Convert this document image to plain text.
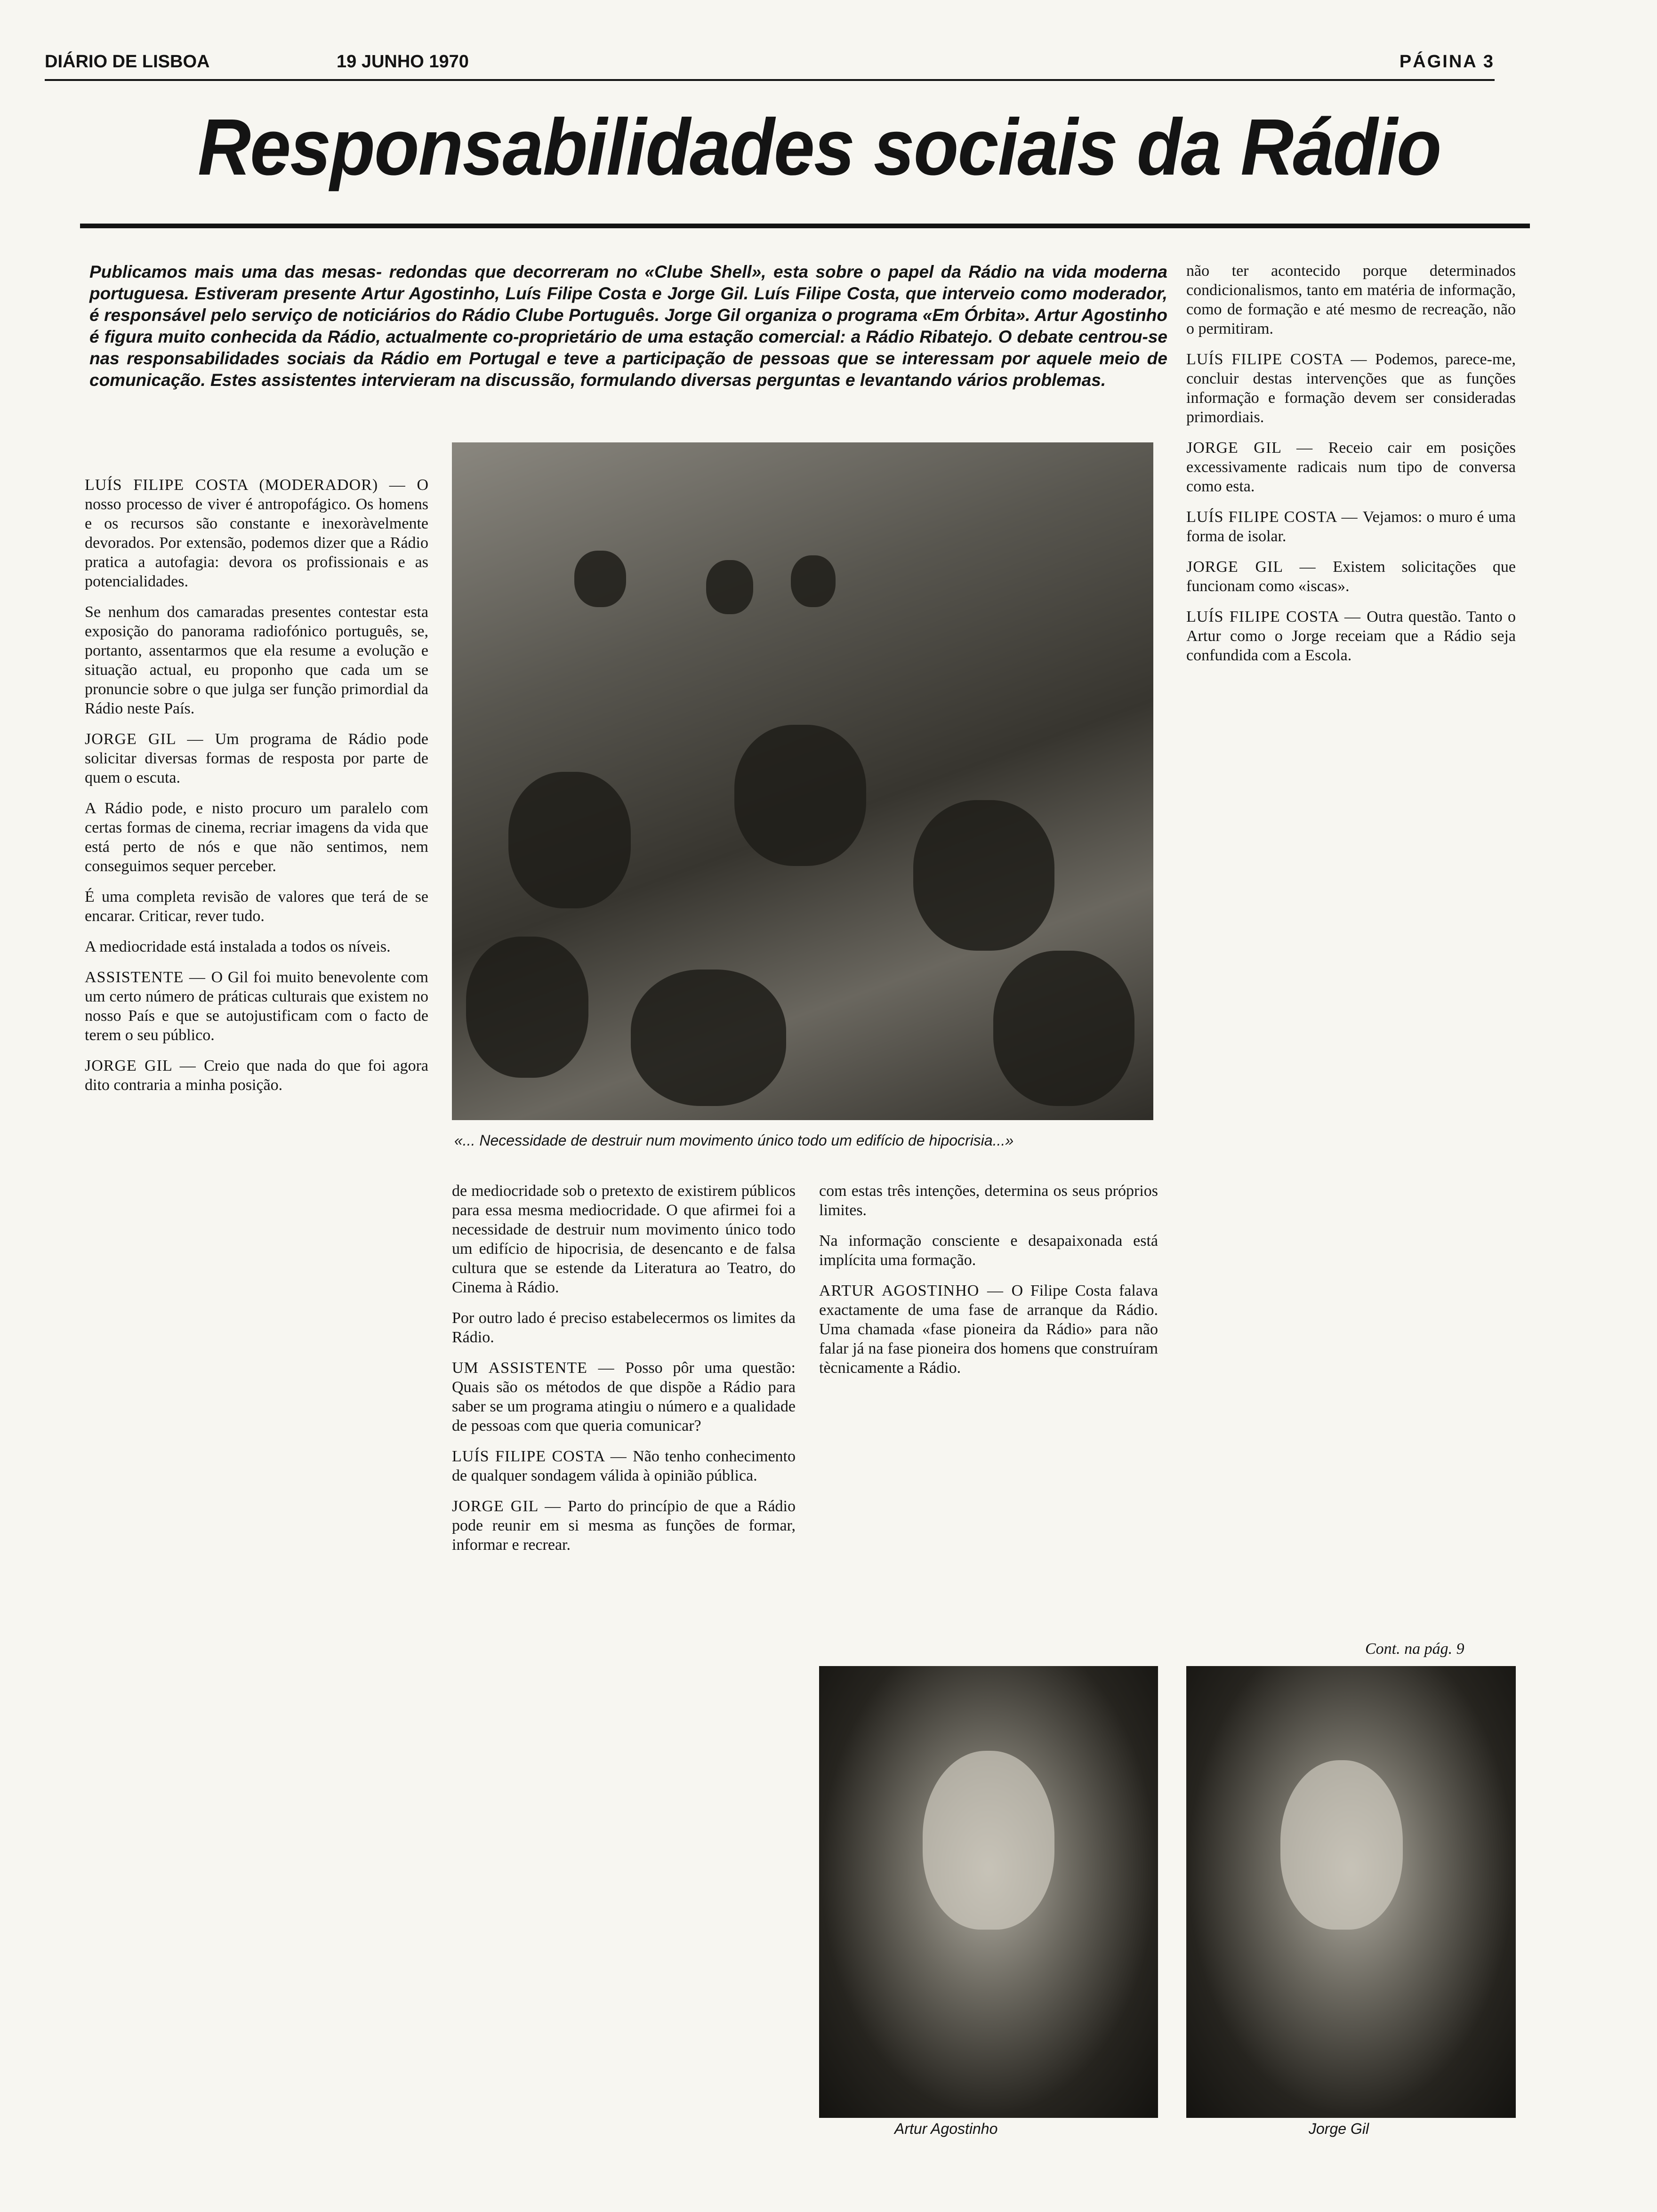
DIÁRIO DE LISBOA	19 JUNHO 1970	PÁGINA 3
Responsabilidades sociais da Rádio
Publicamos mais uma das mesas- redondas que decorreram no «Clube Shell», esta sobre o papel da Rádio na vida moderna portuguesa. Estiveram presente Artur Agostinho, Luís Filipe Costa e Jorge Gil. Luís Filipe Costa, que interveio como moderador, é responsável pelo serviço de noticiários do Rádio Clube Português. Jorge Gil organiza o programa «Em Órbita». Artur Agostinho é figura muito conhecida da Rádio, actualmente co-proprietário de uma estação comercial: a Rádio Ribatejo. O debate centrou-se nas responsabilidades sociais da Rádio em Portugal e teve a participação de pessoas que se interessam por aquele meio de comunicação. Estes assistentes intervieram na discussão, formulando diversas perguntas e levantando vários problemas.

LUÍS FILIPE COSTA (MODERADOR) — O nosso processo de viver é antropofágico. Os homens e os recursos são constante e inexoràvelmente devorados. Por extensão, podemos dizer que a Rádio pratica a autofagia: devora os profissionais e as potencialidades.

Se nenhum dos camaradas presentes contestar esta exposição do panorama radiofónico português, se, portanto, assentarmos que ela resume a evolução e situação actual, eu proponho que cada um se pronuncie sobre o que julga ser função primordial da Rádio neste País.

JORGE GIL — Um programa de Rádio pode solicitar diversas formas de resposta por parte de quem o escuta.

A Rádio pode, e nisto procuro um paralelo com certas formas de cinema, recriar imagens da vida que está perto de nós e que não sentimos, nem conseguimos sequer perceber.

É uma completa revisão de valores que terá de se encarar. Criticar, rever tudo.

A mediocridade está instalada a todos os níveis.

ASSISTENTE — O Gil foi muito benevolente com um certo número de práticas culturais que existem no nosso País e que se autojustificam com o facto de terem o seu público.

JORGE GIL — Creio que nada do que foi agora dito contraria a minha posição.

«... Necessidade de destruir num movimento único todo um edifício de hipocrisia...»

de mediocridade sob o pretexto de existirem públicos para essa mesma mediocridade. O que afirmei foi a necessidade de destruir num movimento único todo um edifício de hipocrisia, de desencanto e de falsa cultura que se estende da Literatura ao Teatro, do Cinema à Rádio.

Por outro lado é preciso estabelecermos os limites da Rádio.

UM ASSISTENTE — Posso pôr uma questão: Quais são os métodos de que dispõe a Rádio para saber se um programa atingiu o número e a qualidade de pessoas com que queria comunicar?

LUÍS FILIPE COSTA — Não tenho conhecimento de qualquer sondagem válida à opinião pública.

JORGE GIL — Parto do princípio de que a Rádio pode reunir em si mesma as funções de formar, informar e recrear.

com estas três intenções, determina os seus próprios limites.

Na informação consciente e desapaixonada está implícita uma formação.

ARTUR AGOSTINHO — O Filipe Costa falava exactamente de uma fase de arranque da Rádio. Uma chamada «fase pioneira da Rádio» para não falar já na fase pioneira dos homens que construíram tècnicamente a Rádio.

não ter acontecido porque determinados condicionalismos, tanto em matéria de informação, como de formação e até mesmo de recreação, não o permitiram.

LUÍS FILIPE COSTA — Podemos, parece-me, concluir destas intervenções que as funções informação e formação devem ser consideradas primordiais.

JORGE GIL — Receio cair em posições excessivamente radicais num tipo de conversa como esta.

LUÍS FILIPE COSTA — Vejamos: o muro é uma forma de isolar.

JORGE GIL — Existem solicitações que funcionam como «iscas».

LUÍS FILIPE COSTA — Outra questão. Tanto o Artur como o Jorge receiam que a Rádio seja confundida com a Escola.

Cont. na pág. 9
Artur Agostinho	Jorge Gil
